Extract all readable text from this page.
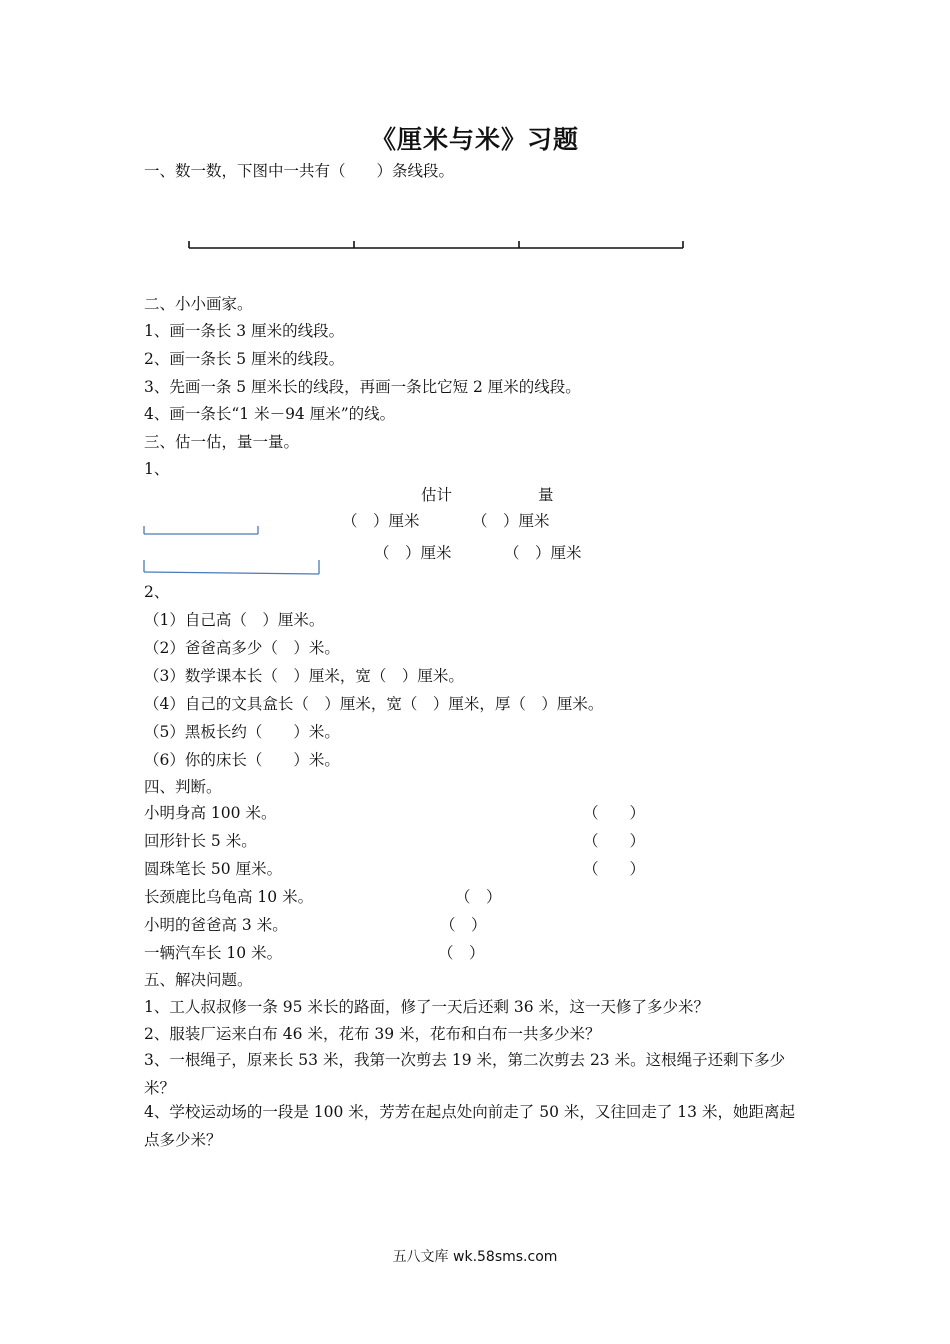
《厘米与米》习题
一、数一数，下图中一共有（　　）条线段。
二、小小画家。
1、画一条长 3 厘米的线段。
2、画一条长 5 厘米的线段。
3、先画一条 5 厘米长的线段，再画一条比它短 2 厘米的线段。
4、画一条长“1 米－94 厘米”的线。
三、估一估，量一量。
1、
估计	量
（　）厘米	（　）厘米
（　）厘米	（　）厘米
2、
（1）自己高（　）厘米。
（2）爸爸高多少（　）米。
（3）数学课本长（　）厘米，宽（　）厘米。
（4）自己的文具盒长（　）厘米，宽（　）厘米，厚（　）厘米。
（5）黑板长约（　　）米。
（6）你的床长（　　）米。
四、判断。
小明身高 100 米。	（　　）
回形针长 5 米。	（　　）
圆珠笔长 50 厘米。	（　　）
长颈鹿比乌龟高 10 米。	（　）
小明的爸爸高 3 米。	（　）
一辆汽车长 10 米。	（　）
五、解决问题。
1、工人叔叔修一条 95 米长的路面，修了一天后还剩 36 米，这一天修了多少米？
2、服装厂运来白布 46 米，花布 39 米，花布和白布一共多少米？
3、一根绳子，原来长 53 米，我第一次剪去 19 米，第二次剪去 23 米。这根绳子还剩下多少米？
4、学校运动场的一段是 100 米，芳芳在起点处向前走了 50 米，又往回走了 13 米，她距离起点多少米？
五八文库 wk.58sms.com
